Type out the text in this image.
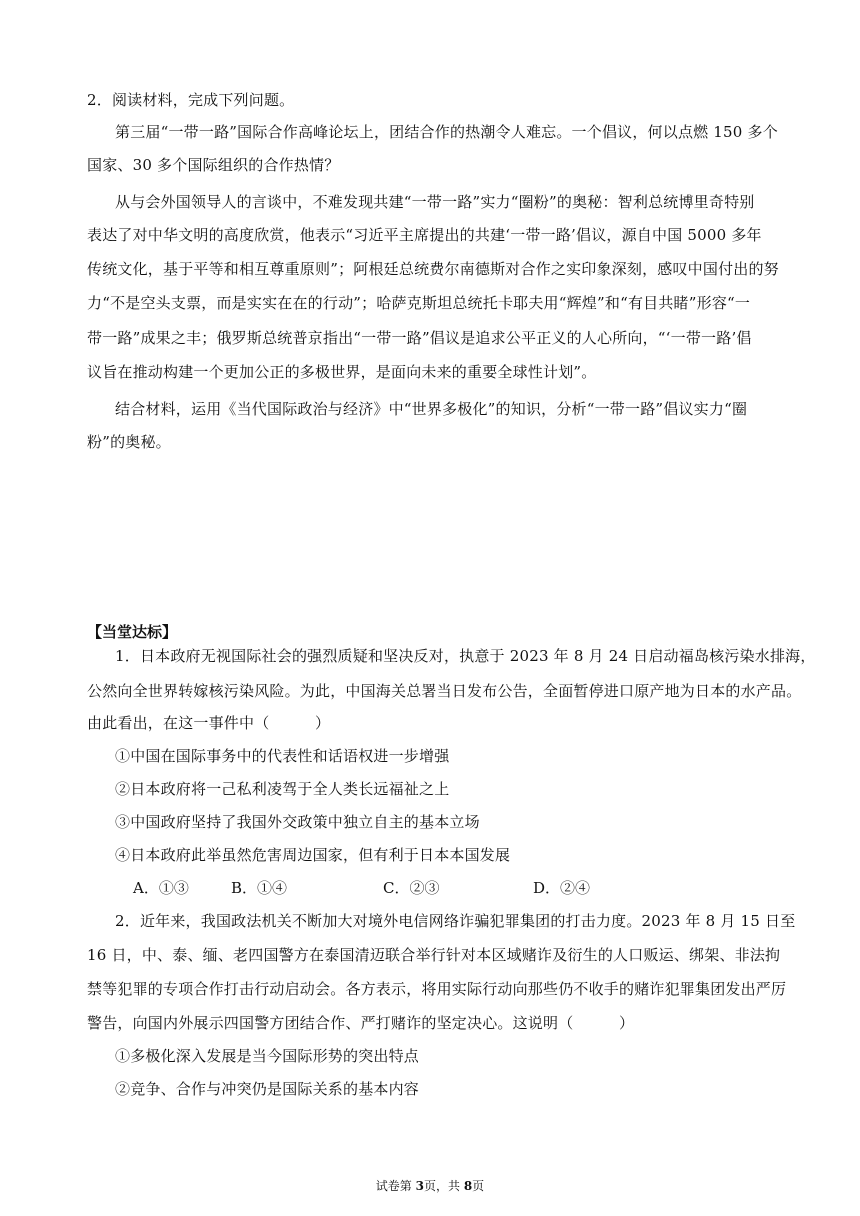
2．阅读材料，完成下列问题。
第三届“一带一路”国际合作高峰论坛上，团结合作的热潮令人难忘。一个倡议，何以点燃 150 多个
国家、30 多个国际组织的合作热情？
从与会外国领导人的言谈中，不难发现共建“一带一路”实力“圈粉”的奥秘：智利总统博里奇特别
表达了对中华文明的高度欣赏，他表示“习近平主席提出的共建‘一带一路’倡议，源自中国 5000 多年
传统文化，基于平等和相互尊重原则”；阿根廷总统费尔南德斯对合作之实印象深刻，感叹中国付出的努
力“不是空头支票，而是实实在在的行动”；哈萨克斯坦总统托卡耶夫用“辉煌”和“有目共睹”形容“一
带一路”成果之丰；俄罗斯总统普京指出“一带一路”倡议是追求公平正义的人心所向，“‘一带一路’倡
议旨在推动构建一个更加公正的多极世界，是面向未来的重要全球性计划”。
结合材料，运用《当代国际政治与经济》中“世界多极化”的知识，分析“一带一路”倡议实力“圈
粉”的奥秘。
【当堂达标】
1．日本政府无视国际社会的强烈质疑和坚决反对，执意于 2023 年 8 月 24 日启动福岛核污染水排海，
公然向全世界转嫁核污染风险。为此，中国海关总署当日发布公告，全面暂停进口原产地为日本的水产品。
由此看出，在这一事件中（　　　）
①中国在国际事务中的代表性和话语权进一步增强
②日本政府将一己私利凌驾于全人类长远福祉之上
③中国政府坚持了我国外交政策中独立自主的基本立场
④日本政府此举虽然危害周边国家，但有利于日本本国发展
A．①③	B．①④	C．②③	D．②④
2．近年来，我国政法机关不断加大对境外电信网络诈骗犯罪集团的打击力度。2023 年 8 月 15 日至
16 日，中、泰、缅、老四国警方在泰国清迈联合举行针对本区域赌诈及衍生的人口贩运、绑架、非法拘
禁等犯罪的专项合作打击行动启动会。各方表示，将用实际行动向那些仍不收手的赌诈犯罪集团发出严厉
警告，向国内外展示四国警方团结合作、严打赌诈的坚定决心。这说明（　　　）
①多极化深入发展是当今国际形势的突出特点
②竞争、合作与冲突仍是国际关系的基本内容
试卷第 3页，共 8页
